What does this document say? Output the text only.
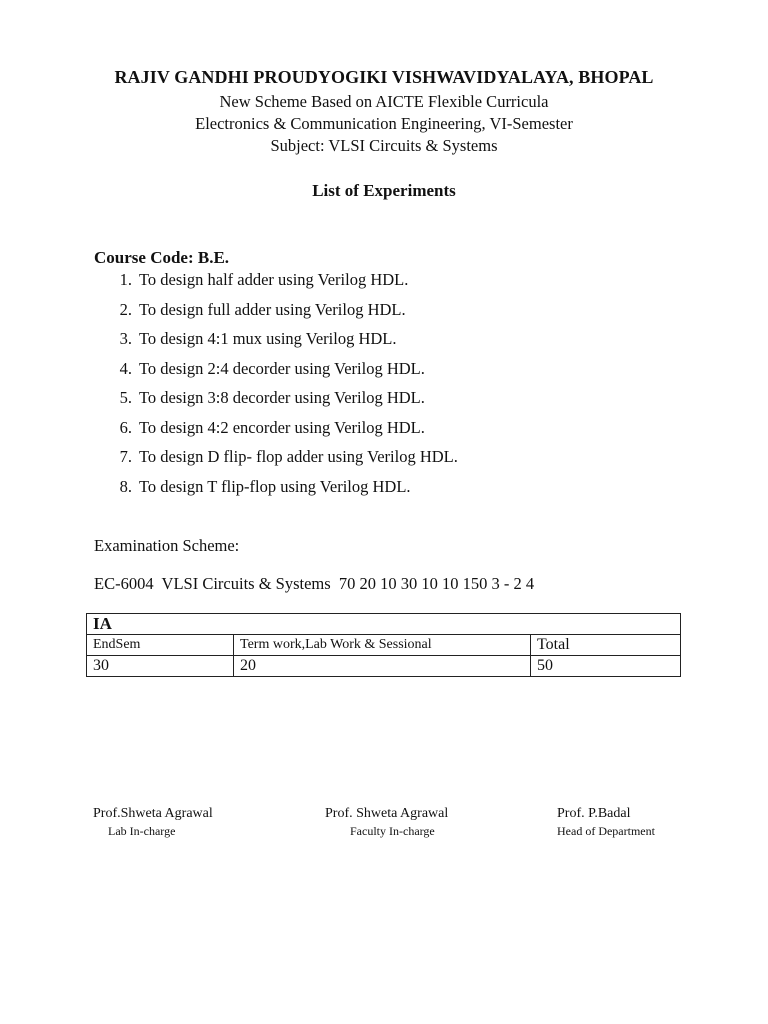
RAJIV GANDHI PROUDYOGIKI VISHWAVIDYALAYA, BHOPAL
New Scheme Based on AICTE Flexible Curricula
Electronics & Communication Engineering, VI-Semester
Subject: VLSI Circuits & Systems
List of Experiments
Course Code: B.E.
1. To design half adder using Verilog HDL.
2. To design full adder using Verilog HDL.
3. To design 4:1 mux using Verilog HDL.
4. To design 2:4 decorder using Verilog HDL.
5. To design 3:8 decorder using Verilog HDL.
6. To design 4:2 encorder using Verilog HDL.
7. To design D flip- flop adder using Verilog HDL.
8. To design T flip-flop using Verilog HDL.
Examination Scheme:
EC-6004  VLSI Circuits & Systems  70 20 10 30 10 10 150 3 - 2 4
IA		
EndSem	Term work,Lab Work & Sessional	Total
30	20	50
Prof.Shweta Agrawal
Lab In-charge
Prof. Shweta Agrawal
Faculty In-charge
Prof. P.Badal
Head of Department
